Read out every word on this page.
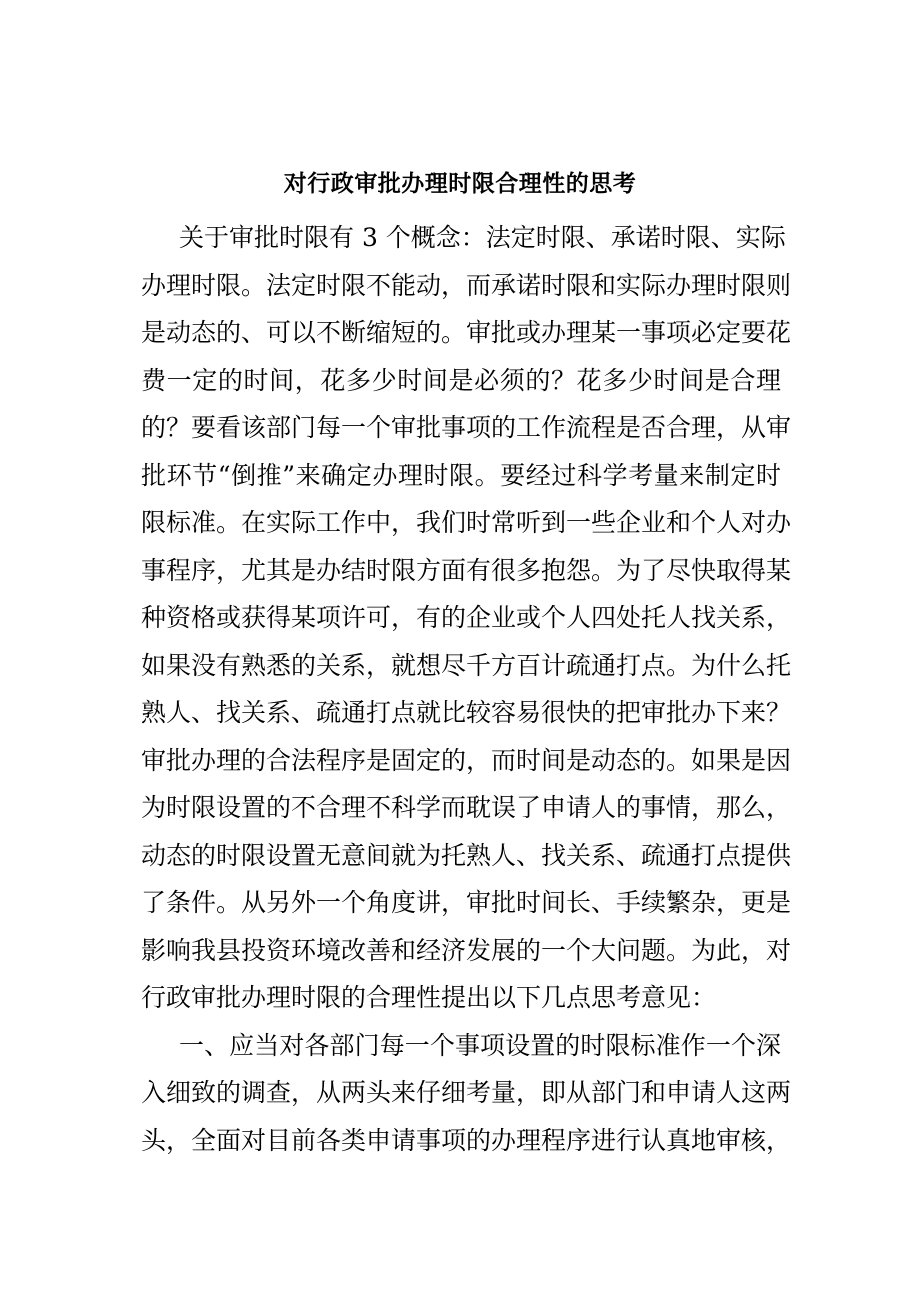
对行政审批办理时限合理性的思考
关于审批时限有 3 个概念：法定时限、承诺时限、实际
办理时限。法定时限不能动，而承诺时限和实际办理时限则
是动态的、可以不断缩短的。审批或办理某一事项必定要花
费一定的时间，花多少时间是必须的？花多少时间是合理
的？要看该部门每一个审批事项的工作流程是否合理，从审
批环节“倒推”来确定办理时限。要经过科学考量来制定时
限标准。在实际工作中，我们时常听到一些企业和个人对办
事程序，尤其是办结时限方面有很多抱怨。为了尽快取得某
种资格或获得某项许可，有的企业或个人四处托人找关系，
如果没有熟悉的关系，就想尽千方百计疏通打点。为什么托
熟人、找关系、疏通打点就比较容易很快的把审批办下来？
审批办理的合法程序是固定的，而时间是动态的。如果是因
为时限设置的不合理不科学而耽误了申请人的事情，那么，
动态的时限设置无意间就为托熟人、找关系、疏通打点提供
了条件。从另外一个角度讲，审批时间长、手续繁杂，更是
影响我县投资环境改善和经济发展的一个大问题。为此，对
行政审批办理时限的合理性提出以下几点思考意见：
一、应当对各部门每一个事项设置的时限标准作一个深
入细致的调查，从两头来仔细考量，即从部门和申请人这两
头，全面对目前各类申请事项的办理程序进行认真地审核，
